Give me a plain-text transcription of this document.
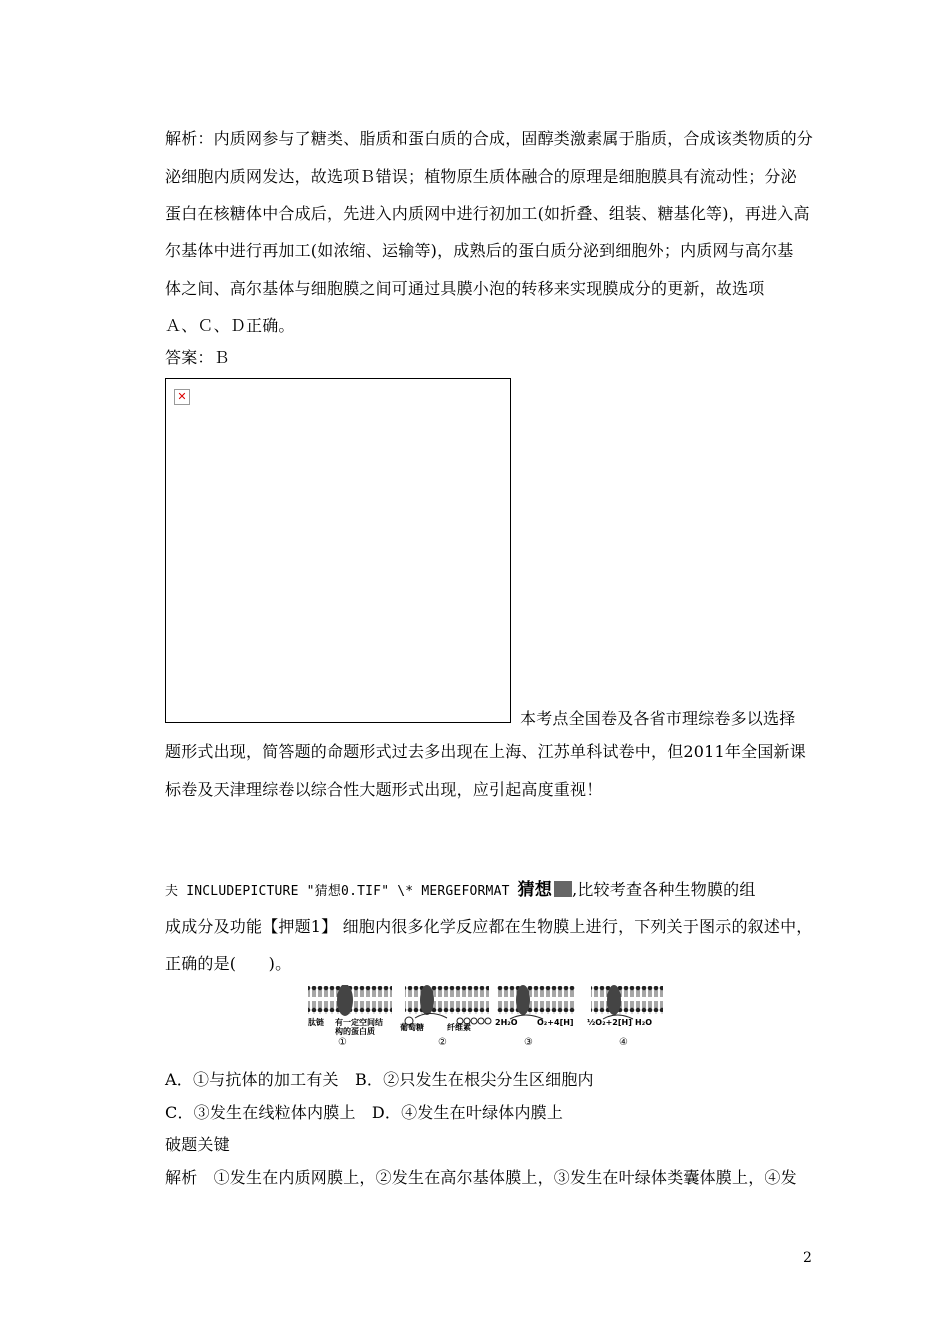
解析：内质网参与了糖类、脂质和蛋白质的合成，固醇类激素属于脂质，合成该类物质的分
泌细胞内质网发达，故选项Ｂ错误；植物原生质体融合的原理是细胞膜具有流动性；分泌
蛋白在核糖体中合成后，先进入内质网中进行初加工(如折叠、组装、糖基化等)，再进入高
尔基体中进行再加工(如浓缩、运输等)，成熟后的蛋白质分泌到细胞外；内质网与高尔基
体之间、高尔基体与细胞膜之间可通过具膜小泡的转移来实现膜成分的更新，故选项
Ａ、Ｃ、Ｄ正确。
答案：Ｂ
✕
本考点全国卷及各省市理综卷多以选择
题形式出现，简答题的命题形式过去多出现在上海、江苏单科试卷中，但2011年全国新课
标卷及天津理综卷以综合性大题形式出现，应引起高度重视！
夫 INCLUDEPICTURE "猜想0.TIF" \* MERGEFORMAT 猜想 ,比较考查各种生物膜的组
成成分及功能【押题1】 细胞内很多化学反应都在生物膜上进行，下列关于图示的叙述中，
正确的是(　　)。
肽链 有一定空间结
构的蛋白质	葡萄糖	纤维素
2H₂O O₂+4[H] ½O₂+2[H] H₂O
①	②	③	④
A．①与抗体的加工有关　B．②只发生在根尖分生区细胞内
C．③发生在线粒体内膜上　D．④发生在叶绿体内膜上
破题关键
解析　①发生在内质网膜上，②发生在高尔基体膜上，③发生在叶绿体类囊体膜上，④发
2
